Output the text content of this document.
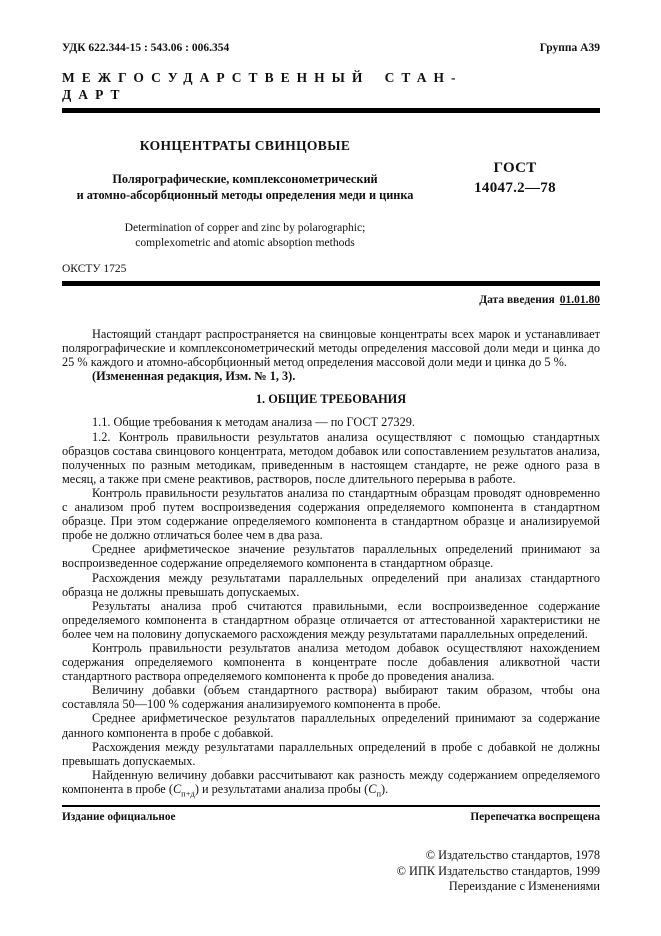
УДК 622.344-15 : 543.06 : 006.354	Группа А39
МЕЖГОСУДАРСТВЕННЫЙ СТАН-
ДАРТ
КОНЦЕНТРАТЫ СВИНЦОВЫЕ
Полярографические, комплексонометрический
и атомно-абсорбционный методы определения меди и цинка
Determination of copper and zinc by polarographic;
complexometric and atomic absoption methods
ГОСТ
14047.2—78
ОКСТУ 1725
Дата введения 01.01.80

Настоящий стандарт распространяется на свинцовые концентраты всех марок и устанавливает полярографические и комплексонометрический методы определения массовой доли меди и цинка до 25 % каждого и атомно-абсорбционный метод определения массовой доли меди и цинка до 5 %.

(Измененная редакция, Изм. № 1, 3).

1. ОБЩИЕ ТРЕБОВАНИЯ

1.1. Общие требования к методам анализа — по ГОСТ 27329.

1.2. Контроль правильности результатов анализа осуществляют с помощью стандартных образцов состава свинцового концентрата, методом добавок или сопоставлением результатов анализа, полученных по разным методикам, приведенным в настоящем стандарте, не реже одного раза в месяц, а также при смене реактивов, растворов, после длительного перерыва в работе.

Контроль правильности результатов анализа по стандартным образцам проводят одновременно с анализом проб путем воспроизведения содержания определяемого компонента в стандартном образце. При этом содержание определяемого компонента в стандартном образце и анализируемой пробе не должно отличаться более чем в два раза.

Среднее арифметическое значение результатов параллельных определений принимают за воспроизведенное содержание определяемого компонента в стандартном образце.

Расхождения между результатами параллельных определений при анализах стандартного образца не должны превышать допускаемых.

Результаты анализа проб считаются правильными, если воспроизведенное содержание определяемого компонента в стандартном образце отличается от аттестованной характеристики не более чем на половину допускаемого расхождения между результатами параллельных определений.

Контроль правильности результатов анализа методом добавок осуществляют нахождением содержания определяемого компонента в концентрате после добавления аликвотной части стандартного раствора определяемого компонента к пробе до проведения анализа.

Величину добавки (объем стандартного раствора) выбирают таким образом, чтобы она составляла 50—100 % содержания анализируемого компонента в пробе.

Среднее арифметическое результатов параллельных определений принимают за содержание данного компонента в пробе с добавкой.

Расхождения между результатами параллельных определений в пробе с добавкой не должны превышать допускаемых.

Найденную величину добавки рассчитывают как разность между содержанием определяемого компонента в пробе $(С_{п+д})$ и результатами анализа пробы $(С_п)$.

Издание официальное	Перепечатка воспрещена
© Издательство стандартов, 1978
© ИПК Издательство стандартов, 1999
Переиздание с Изменениями
